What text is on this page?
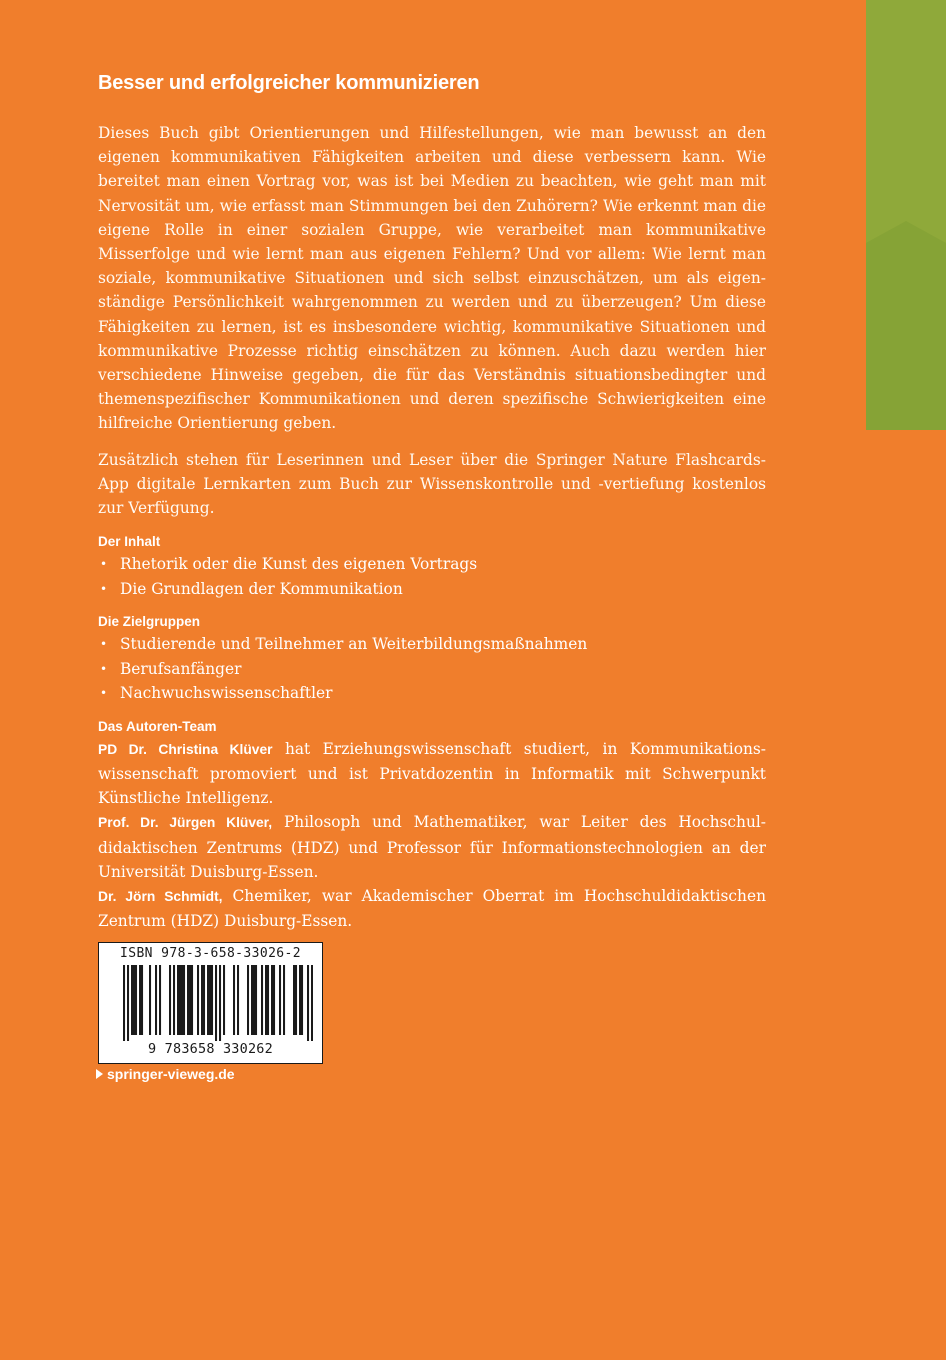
Besser und erfolgreicher kommunizieren

Dieses Buch gibt Orientierungen und Hilfestellungen, wie man bewusst an den eigenen kommunikativen Fähigkeiten arbeiten und diese verbessern kann. Wie bereitet man einen Vortrag vor, was ist bei Medien zu beachten, wie geht man mit Nervosität um, wie erfasst man Stimmungen bei den Zuhörern? Wie erkennt man die eigene Rolle in einer sozialen Gruppe, wie verarbeitet man kommunikative Misserfolge und wie lernt man aus eigenen Fehlern? Und vor allem: Wie lernt man soziale, kommunikative Situationen und sich selbst einzuschätzen, um als eigen-ständige Persönlichkeit wahrgenommen zu werden und zu überzeugen? Um diese Fähigkeiten zu lernen, ist es insbesondere wichtig, kommunikative Situationen und kommunikative Prozesse richtig einschätzen zu können. Auch dazu werden hier verschiedene Hinweise gegeben, die für das Verständnis situationsbedingter und themenspezifischer Kommunikationen und deren spezifische Schwierigkeiten eine hilfreiche Orientierung geben.

Zusätzlich stehen für Leserinnen und Leser über die Springer Nature Flashcards-App digitale Lernkarten zum Buch zur Wissenskontrolle und -vertiefung kostenlos zur Verfügung.

Der Inhalt
• Rhetorik oder die Kunst des eigenen Vortrags
• Die Grundlagen der Kommunikation
Die Zielgruppen
• Studierende und Teilnehmer an Weiterbildungsmaßnahmen
• Berufsanfänger
• Nachwuchswissenschaftler
Das Autoren-Team

PD Dr. Christina Klüver hat Erziehungswissenschaft studiert, in Kommunikations-wissenschaft promoviert und ist Privatdozentin in Informatik mit Schwerpunkt Künstliche Intelligenz.

Prof. Dr. Jürgen Klüver, Philosoph und Mathematiker, war Leiter des Hochschul-didaktischen Zentrums (HDZ) und Professor für Informationstechnologien an der Universität Duisburg-Essen.

Dr. Jörn Schmidt, Chemiker, war Akademischer Oberrat im Hochschuldidaktischen Zentrum (HDZ) Duisburg-Essen.

ISBN 978-3-658-33026-2
9 783658 330262
springer-vieweg.de
